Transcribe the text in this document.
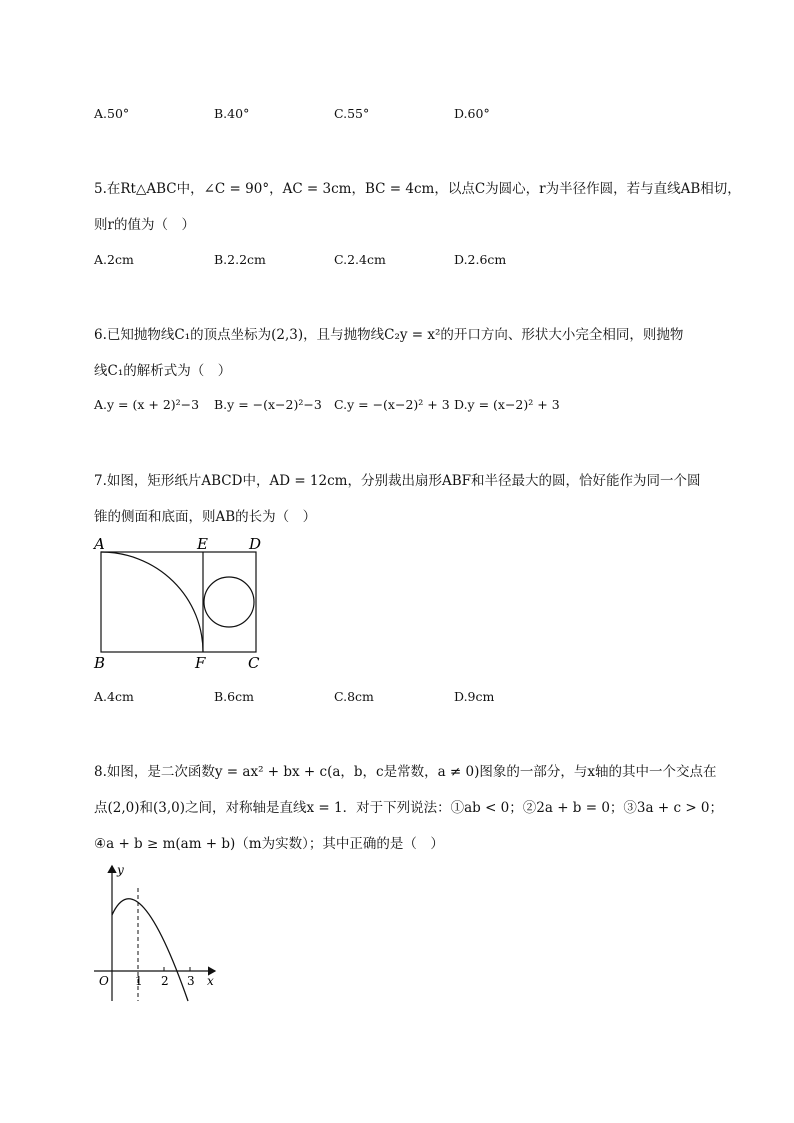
A.50°	B.40°	C.55°	D.60°
5.在Rt△ABC中，∠C = 90°，AC = 3cm，BC = 4cm，以点C为圆心，r为半径作圆，若与直线AB相切，
则r的值为（　）
A.2cm	B.2.2cm	C.2.4cm	D.2.6cm
6.已知抛物线C₁的顶点坐标为(2,3)，且与抛物线C₂y = x²的开口方向、形状大小完全相同，则抛物
线C₁的解析式为（　）
A.y = (x + 2)²−3	B.y = −(x−2)²−3 C.y = −(x−2)² + 3 D.y = (x−2)² + 3
7.如图，矩形纸片ABCD中，AD = 12cm，分别裁出扇形ABF和半径最大的圆，恰好能作为同一个圆
锥的侧面和底面，则AB的长为（　）
A	E	D
B	F	C
A.4cm	B.6cm	C.8cm	D.9cm
8.如图，是二次函数y = ax² + bx + c(a，b，c是常数，a ≠ 0)图象的一部分，与x轴的其中一个交点在
点(2,0)和(3,0)之间，对称轴是直线x = 1．对于下列说法：①ab < 0；②2a + b = 0；③3a + c > 0；
④a + b ≥ m(am + b)（m为实数）；其中正确的是（　）
y
O 1 2 3 x
